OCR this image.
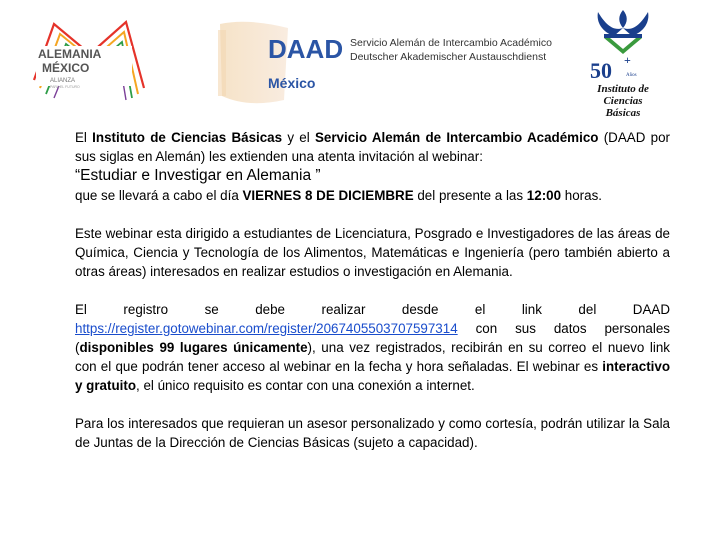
ALEMANIA
MÉXICO
ALIANZA
PARA EL FUTURO
DAAD
México
Servicio Alemán de Intercambio Académico
Deutscher Akademischer Austauschdienst
50 +
Años
Instituto de
Ciencias
Básicas

El Instituto de Ciencias Básicas y el Servicio Alemán de Intercambio Académico (DAAD por sus siglas en Alemán) les extienden una atenta invitación al webinar:

“Estudiar e Investigar en Alemania ”

que se llevará a cabo el día VIERNES 8 DE DICIEMBRE del presente a las 12:00 horas.

Este webinar esta dirigido a estudiantes de Licenciatura, Posgrado e Investigadores de las áreas de Química, Ciencia y Tecnología de los Alimentos, Matemáticas e Ingeniería (pero también abierto a otras áreas) interesados en realizar estudios o investigación en Alemania.

El registro se debe realizar desde el link del DAAD https://register.gotowebinar.com/register/2067405503707597314 con sus datos personales (disponibles 99 lugares únicamente), una vez registrados, recibirán en su correo el nuevo link con el que podrán tener acceso al webinar en la fecha y hora señaladas. El webinar es interactivo y gratuito, el único requisito es contar con una conexión a internet.

Para los interesados que requieran un asesor personalizado y como cortesía, podrán utilizar la Sala de Juntas de la Dirección de Ciencias Básicas (sujeto a capacidad).
